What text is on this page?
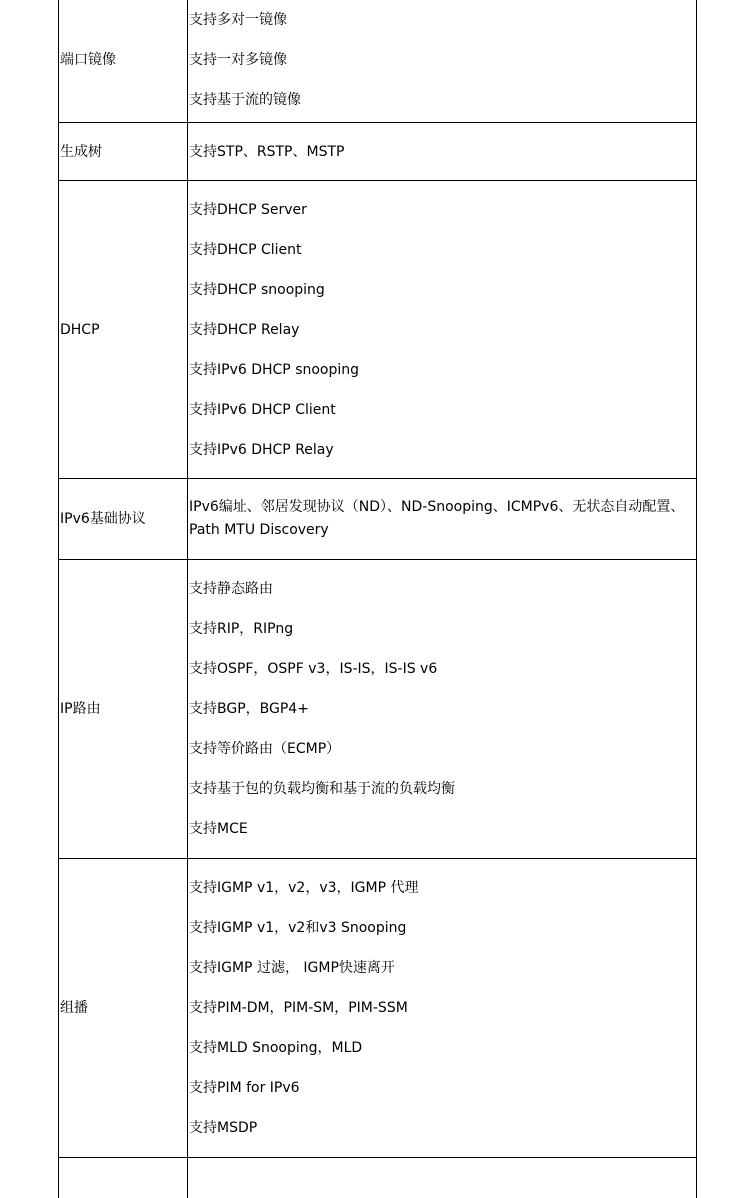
端口镜像
支持多对一镜像
支持一对多镜像
支持基于流的镜像
生成树	支持STP、RSTP、MSTP
DHCP
支持DHCP Server
支持DHCP Client
支持DHCP snooping
支持DHCP Relay
支持IPv6 DHCP snooping
支持IPv6 DHCP Client
支持IPv6 DHCP Relay
IPv6基础协议
IPv6编址、邻居发现协议（ND）、ND-Snooping、ICMPv6、无状态自动配置、Path MTU Discovery
IP路由
支持静态路由
支持RIP，RIPng
支持OSPF，OSPF v3，IS-IS，IS-IS v6
支持BGP，BGP4+
支持等价路由（ECMP）
支持基于包的负载均衡和基于流的负载均衡
支持MCE
组播
支持IGMP v1，v2，v3，IGMP 代理
支持IGMP v1，v2和v3 Snooping
支持IGMP 过滤， IGMP快速离开
支持PIM-DM，PIM-SM，PIM-SSM
支持MLD Snooping，MLD
支持PIM for IPv6
支持MSDP
